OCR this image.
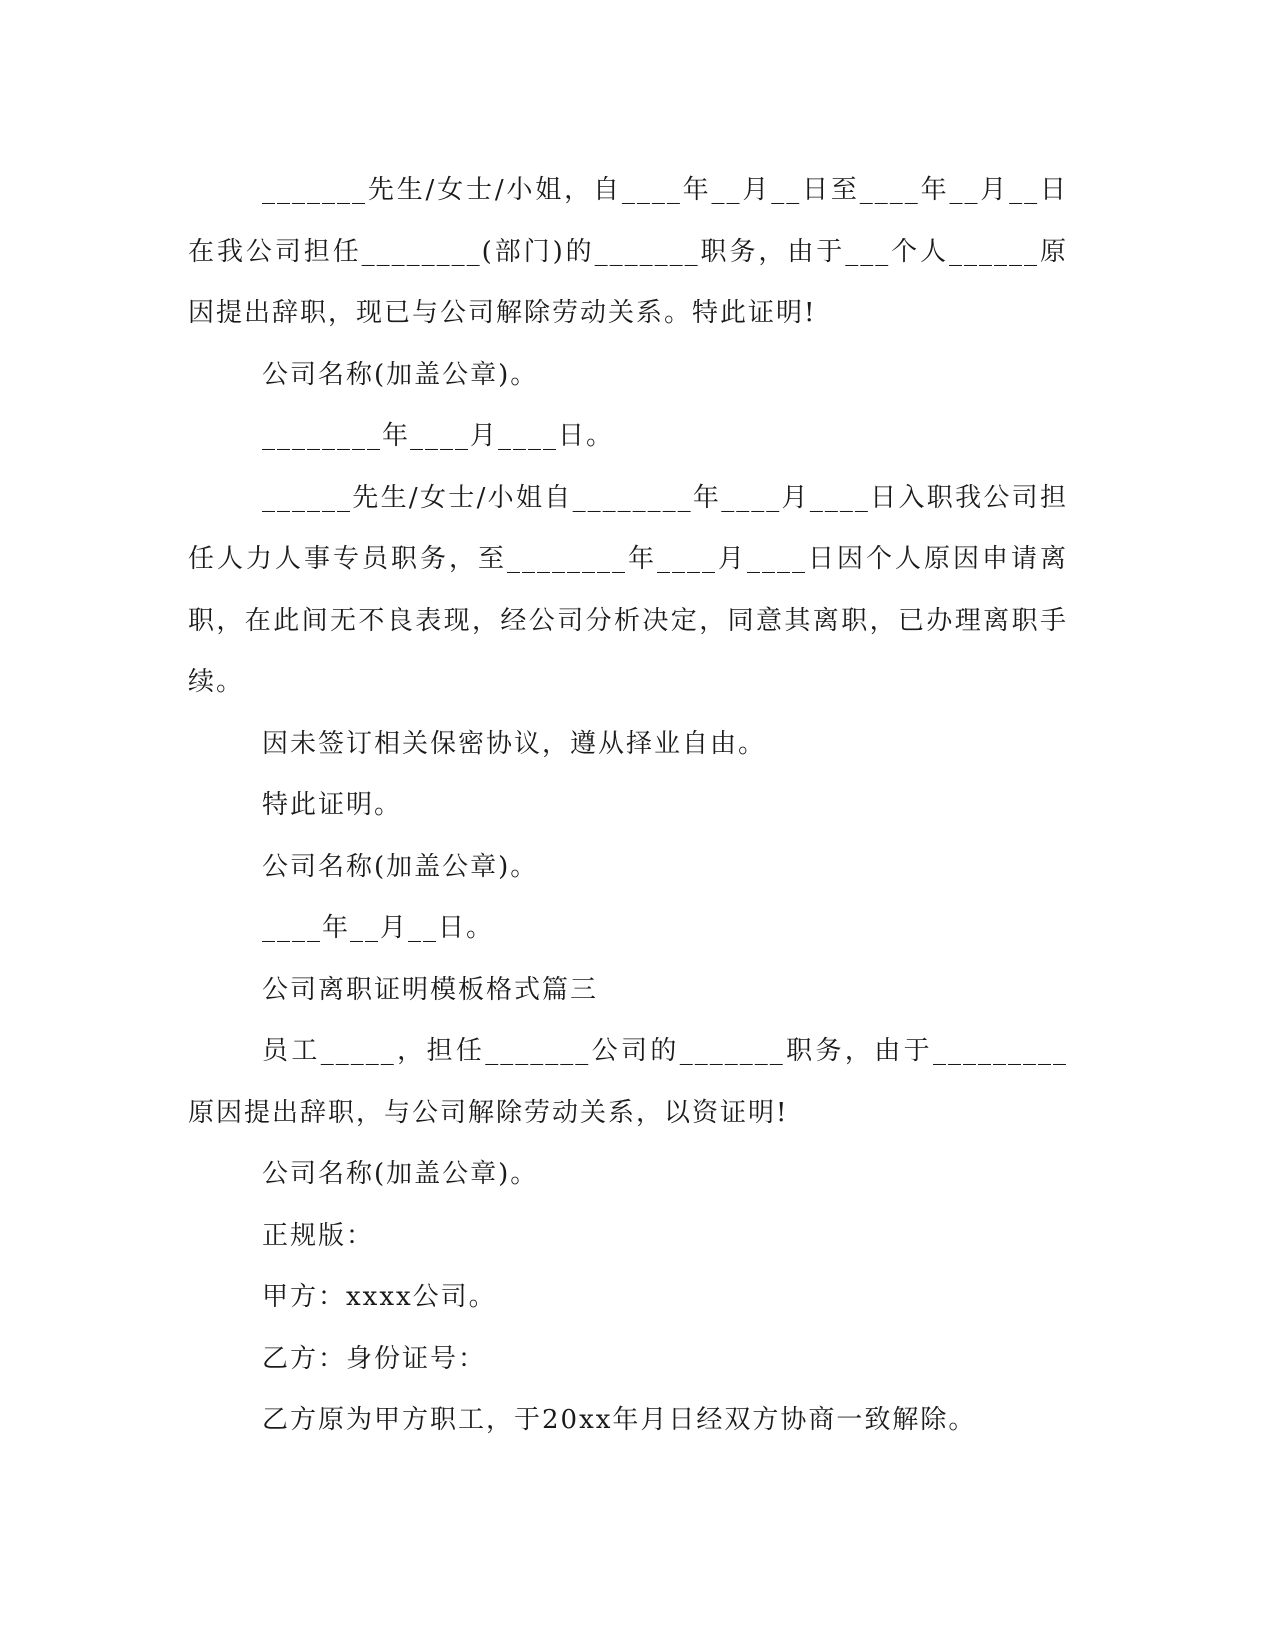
_______先生/女士/小姐，自____年__月__日至____年__月__日在我公司担任________(部门)的_______职务，由于___个人______原因提出辞职，现已与公司解除劳动关系。特此证明!

公司名称(加盖公章)。

________年____月____日。

______先生/女士/小姐自________年____月____日入职我公司担任人力人事专员职务，至________年____月____日因个人原因申请离职，在此间无不良表现，经公司分析决定，同意其离职，已办理离职手续。

因未签订相关保密协议，遵从择业自由。

特此证明。

公司名称(加盖公章)。

____年__月__日。

公司离职证明模板格式篇三

员工_____，担任_______公司的_______职务，由于_________原因提出辞职，与公司解除劳动关系，以资证明!

公司名称(加盖公章)。

正规版：

甲方：xxxx公司。

乙方：身份证号：

乙方原为甲方职工，于20xx年月日经双方协商一致解除。
